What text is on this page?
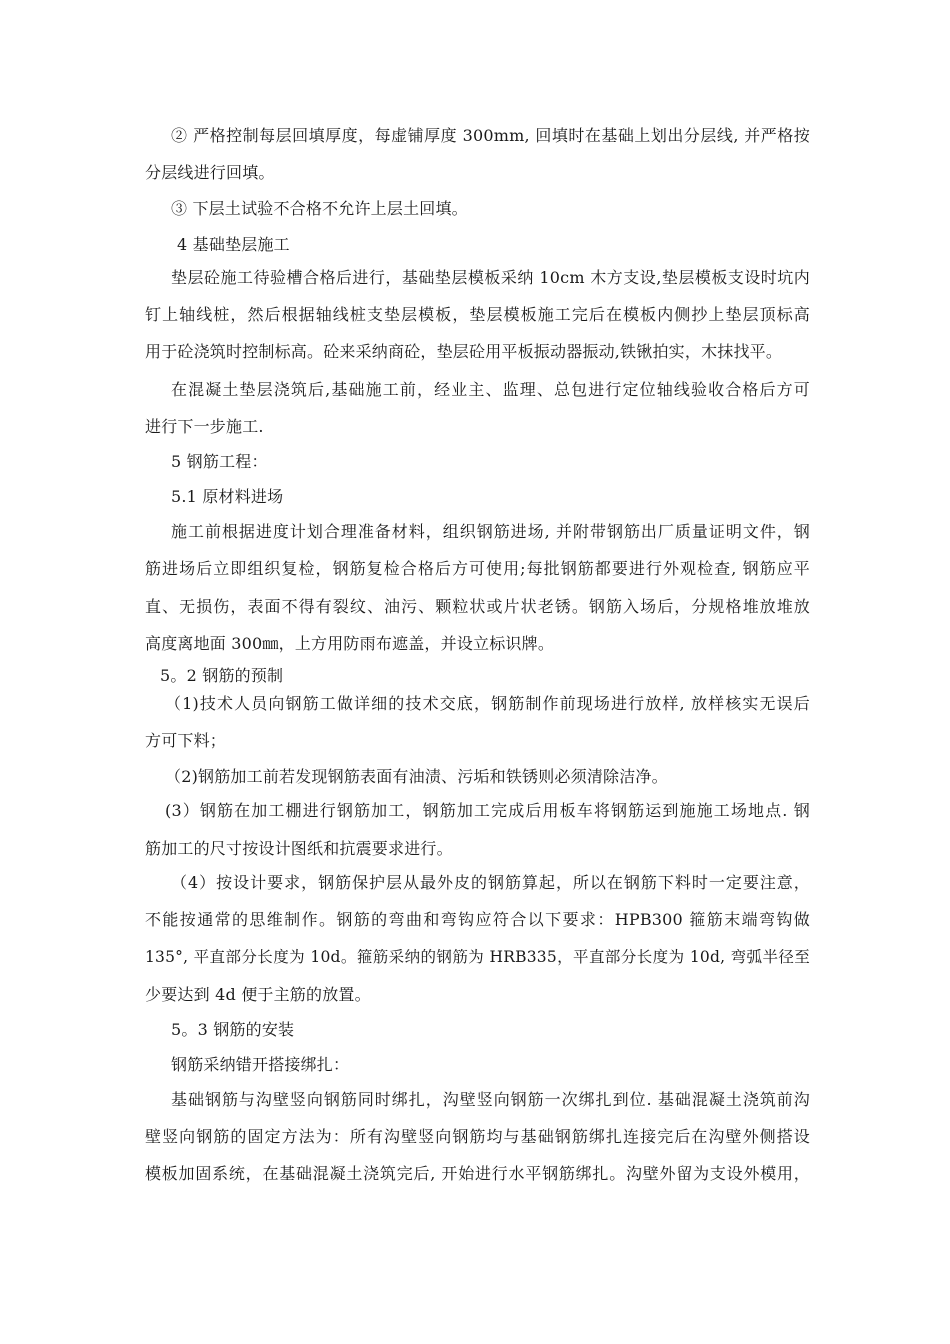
② 严格控制每层回填厚度，每虚铺厚度 300mm, 回填时在基础上划出分层线, 并严格按
分层线进行回填。
③ 下层土试验不合格不允许上层土回填。
4 基础垫层施工
垫层砼施工待验槽合格后进行，基础垫层模板采纳 10cm 木方支设,垫层模板支设时坑内
钉上轴线桩，然后根据轴线桩支垫层模板，垫层模板施工完后在模板内侧抄上垫层顶标高
用于砼浇筑时控制标高。砼来采纳商砼，垫层砼用平板振动器振动,铁锹拍实，木抹找平。
在混凝土垫层浇筑后,基础施工前，经业主、监理、总包进行定位轴线验收合格后方可
进行下一步施工.
5 钢筋工程：
5.1 原材料进场
施工前根据进度计划合理准备材料，组织钢筋进场, 并附带钢筋出厂质量证明文件，钢
筋进场后立即组织复检，钢筋复检合格后方可使用;每批钢筋都要进行外观检查, 钢筋应平
直、无损伤，表面不得有裂纹、油污、颗粒状或片状老锈。钢筋入场后，分规格堆放堆放
高度离地面 300㎜，上方用防雨布遮盖，并设立标识牌。
5。2 钢筋的预制
（1)技术人员向钢筋工做详细的技术交底，钢筋制作前现场进行放样, 放样核实无误后
方可下料；
（2)钢筋加工前若发现钢筋表面有油渍、污垢和铁锈则必须清除洁净。
(3）钢筋在加工棚进行钢筋加工，钢筋加工完成后用板车将钢筋运到施施工场地点. 钢
筋加工的尺寸按设计图纸和抗震要求进行。
（4）按设计要求，钢筋保护层从最外皮的钢筋算起，所以在钢筋下料时一定要注意，
不能按通常的思维制作。钢筋的弯曲和弯钩应符合以下要求：HPB300 箍筋末端弯钩做
135°, 平直部分长度为 10d。箍筋采纳的钢筋为 HRB335，平直部分长度为 10d, 弯弧半径至
少要达到 4d 便于主筋的放置。
5。3 钢筋的安装
钢筋采纳错开搭接绑扎：
基础钢筋与沟壁竖向钢筋同时绑扎，沟壁竖向钢筋一次绑扎到位. 基础混凝土浇筑前沟
壁竖向钢筋的固定方法为：所有沟壁竖向钢筋均与基础钢筋绑扎连接完后在沟壁外侧搭设
模板加固系统，在基础混凝土浇筑完后, 开始进行水平钢筋绑扎。沟壁外留为支设外模用，
